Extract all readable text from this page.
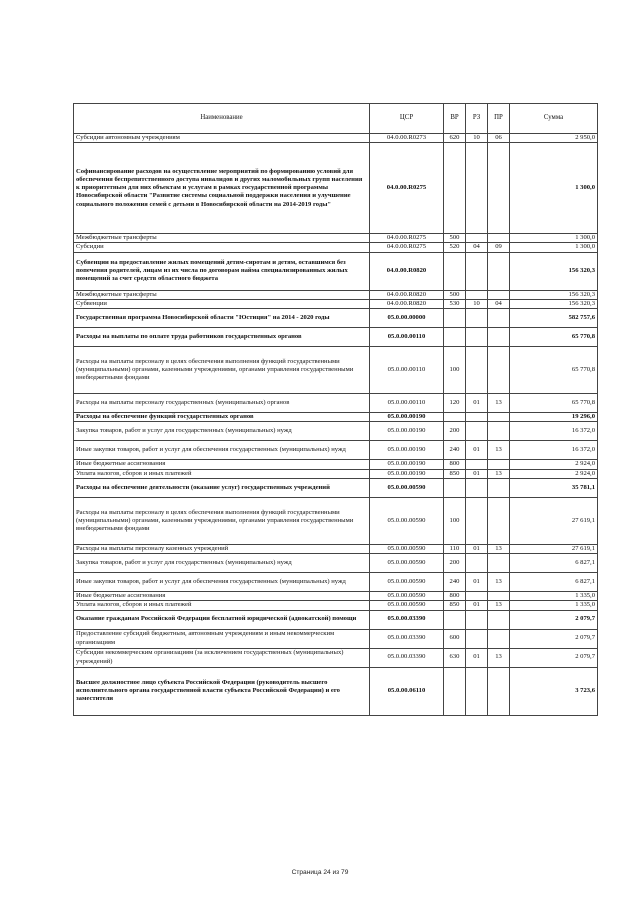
Наименование	ЦСР	ВР	РЗ	ПР	Сумма
Субсидии автономным учреждениям	04.0.00.R0273	620	10	06	2 950,0
Софинансирование расходов на осуществление мероприятий по формированию условий для обеспечения беспрепятственного доступа инвалидов и других маломобильных групп населения к приоритетным для них объектам и услугам в рамках государственной программы Новосибирской области "Развитие системы социальной поддержки населения и улучшение социального положения семей с детьми в Новосибирской области на 2014-2019 годы"	04.0.00.R0275				1 300,0
Межбюджетные трансферты	04.0.00.R0275	500			1 300,0
Субсидии	04.0.00.R0275	520	04	09	1 300,0
Субвенции на предоставление жилых помещений детям-сиротам и детям, оставшимся без попечения родителей, лицам из их числа по договорам найма специализированных жилых помещений за счет средств областного бюджета	04.0.00.R0820				156 320,3
Межбюджетные трансферты	04.0.00.R0820	500			156 320,3
Субвенции	04.0.00.R0820	530	10	04	156 320,3
Государственная программа Новосибирской области "Юстиция" на 2014 - 2020 годы	05.0.00.00000				582 757,6
Расходы на выплаты по оплате труда работников государственных органов	05.0.00.00110				65 770,8
Расходы на выплаты персоналу в целях обеспечения выполнения функций государственными (муниципальными) органами, казенными учреждениями, органами управления государственными внебюджетными фондами	05.0.00.00110	100			65 770,8
Расходы на выплаты персоналу государственных (муниципальных) органов	05.0.00.00110	120	01	13	65 770,8
Расходы на обеспечение функций государственных органов	05.0.00.00190				19 296,0
Закупка товаров, работ и услуг для государственных (муниципальных) нужд	05.0.00.00190	200			16 372,0
Иные закупки товаров, работ и услуг для обеспечения государственных (муниципальных) нужд	05.0.00.00190	240	01	13	16 372,0
Иные бюджетные ассигнования	05.0.00.00190	800			2 924,0
Уплата налогов, сборов и иных платежей	05.0.00.00190	850	01	13	2 924,0
Расходы на обеспечение деятельности (оказание услуг) государственных учреждений	05.0.00.00590				35 781,1
Расходы на выплаты персоналу в целях обеспечения выполнения функций государственными (муниципальными) органами, казенными учреждениями, органами управления государственными внебюджетными фондами	05.0.00.00590	100			27 619,1
Расходы на выплаты персоналу казенных учреждений	05.0.00.00590	110	01	13	27 619,1
Закупка товаров, работ и услуг для государственных (муниципальных) нужд	05.0.00.00590	200			6 827,1
Иные закупки товаров, работ и услуг для обеспечения государственных (муниципальных) нужд	05.0.00.00590	240	01	13	6 827,1
Иные бюджетные ассигнования	05.0.00.00590	800			1 335,0
Уплата налогов, сборов и иных платежей	05.0.00.00590	850	01	13	1 335,0
Оказание гражданам Российской Федерации бесплатной юридической (адвокатской) помощи	05.0.00.03390				2 079,7
Предоставление субсидий бюджетным, автономным учреждениям и иным некоммерческим организациям	05.0.00.03390	600			2 079,7
Субсидии некоммерческим организациям (за исключением государственных (муниципальных) учреждений)	05.0.00.03390	630	01	13	2 079,7
Высшее должностное лицо субъекта Российской Федерации (руководитель высшего исполнительного органа государственной власти субъекта Российской Федерации) и его заместители	05.0.00.06110				3 723,6
Страница 24 из 79
